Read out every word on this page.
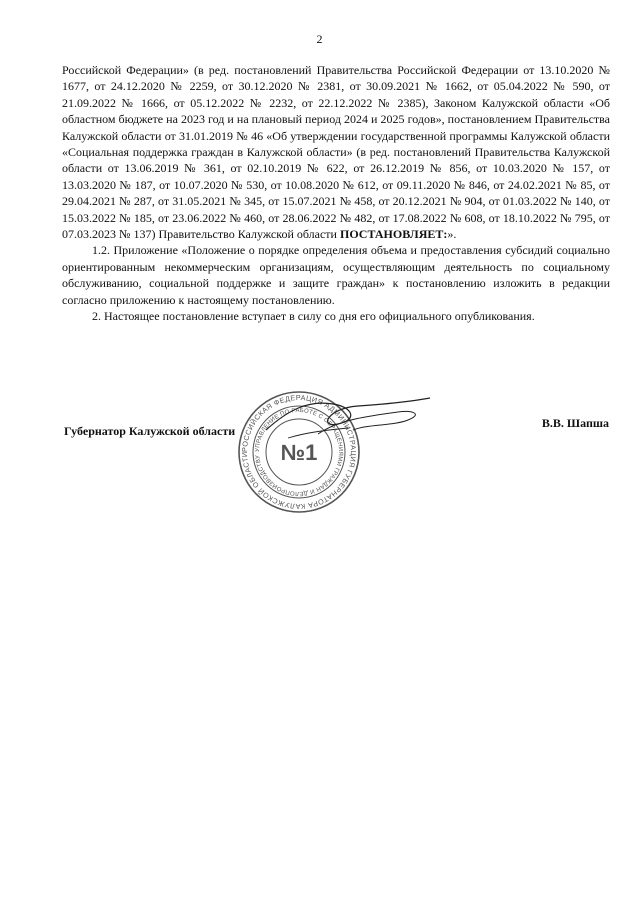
2

Российской Федерации» (в ред. постановлений Правительства Российской Федерации от 13.10.2020 № 1677, от 24.12.2020 № 2259, от 30.12.2020 № 2381, от 30.09.2021 № 1662, от 05.04.2022 № 590, от 21.09.2022 № 1666, от 05.12.2022 № 2232, от 22.12.2022 № 2385), Законом Калужской области «Об областном бюджете на 2023 год и на плановый период 2024 и 2025 годов», постановлением Правительства Калужской области от 31.01.2019 № 46 «Об утверждении государственной программы Калужской области «Социальная поддержка граждан в Калужской области» (в ред. постановлений Правительства Калужской области от 13.06.2019 № 361, от 02.10.2019 № 622, от 26.12.2019 № 856, от 10.03.2020 № 157, от 13.03.2020 № 187, от 10.07.2020 № 530, от 10.08.2020 № 612, от 09.11.2020 № 846, от 24.02.2021 № 85, от 29.04.2021 № 287, от 31.05.2021 № 345, от 15.07.2021 № 458, от 20.12.2021 № 904, от 01.03.2022 № 140, от 15.03.2022 № 185, от 23.06.2022 № 460, от 28.06.2022 № 482, от 17.08.2022 № 608, от 18.10.2022 № 795, от 07.03.2023 № 137) Правительство Калужской области ПОСТАНОВЛЯЕТ:».

1.2. Приложение «Положение о порядке определения объема и предоставления субсидий социально ориентированным некоммерческим организациям, осуществляющим деятельность по социальному обслуживанию, социальной поддержке и защите граждан» к постановлению изложить в редакции согласно приложению к настоящему постановлению.

2. Настоящее постановление вступает в силу со дня его официального опубликования.

Губернатор Калужской области
В.В. Шапша
РОССИЙСКАЯ ФЕДЕРАЦИЯ АДМИНИСТРАЦИЯ ГУБЕРНАТОРА КАЛУЖСКОЙ ОБЛАСТИ
УПРАВЛЕНИЕ ПО РАБОТЕ С ОБРАЩЕНИЯМИ ГРАЖДАН И ДЕЛОПРОИЗВОДСТВУ №1
